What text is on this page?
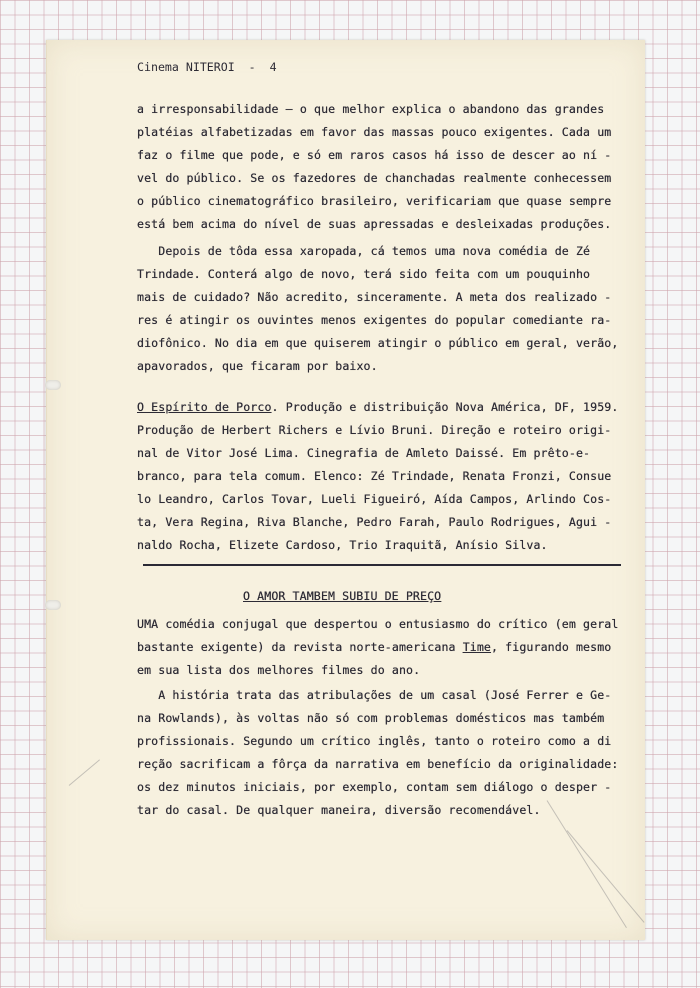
Cinema NITEROI  -  4

a irresponsabilidade — o que melhor explica o abandono das grandes

platéias alfabetizadas em favor das massas pouco exigentes. Cada um

faz o filme que pode, e só em raros casos há isso de descer ao ní -

vel do público. Se os fazedores de chanchadas realmente conhecessem

o público cinematográfico brasileiro, verificariam que quase sempre

está bem acima do nível de suas apressadas e desleixadas produções.

Depois de tôda essa xaropada, cá temos uma nova comédia de Zé

Trindade. Conterá algo de novo, terá sido feita com um pouquinho

mais de cuidado? Não acredito, sinceramente. A meta dos realizado -

res é atingir os ouvintes menos exigentes do popular comediante ra-

diofônico. No dia em que quiserem atingir o público em geral, verão,

apavorados, que ficaram por baixo.

O Espírito de Porco. Produção e distribuição Nova América, DF, 1959.

Produção de Herbert Richers e Lívio Bruni. Direção e roteiro origi-

nal de Vitor José Lima. Cinegrafia de Amleto Daissé. Em prêto-e-

branco, para tela comum. Elenco: Zé Trindade, Renata Fronzi, Consue

lo Leandro, Carlos Tovar, Lueli Figueiró, Aída Campos, Arlindo Cos-

ta, Vera Regina, Riva Blanche, Pedro Farah, Paulo Rodrigues, Agui -

naldo Rocha, Elizete Cardoso, Trio Iraquitã, Anísio Silva.

O AMOR TAMBEM SUBIU DE PREÇO

UMA comédia conjugal que despertou o entusiasmo do crítico (em geral

bastante exigente) da revista norte-americana Time, figurando mesmo

em sua lista dos melhores filmes do ano.

A história trata das atribulações de um casal (José Ferrer e Ge-

na Rowlands), às voltas não só com problemas domésticos mas também

profissionais. Segundo um crítico inglês, tanto o roteiro como a di

reção sacrificam a fôrça da narrativa em benefício da originalidade:

os dez minutos iniciais, por exemplo, contam sem diálogo o desper -

tar do casal. De qualquer maneira, diversão recomendável.
